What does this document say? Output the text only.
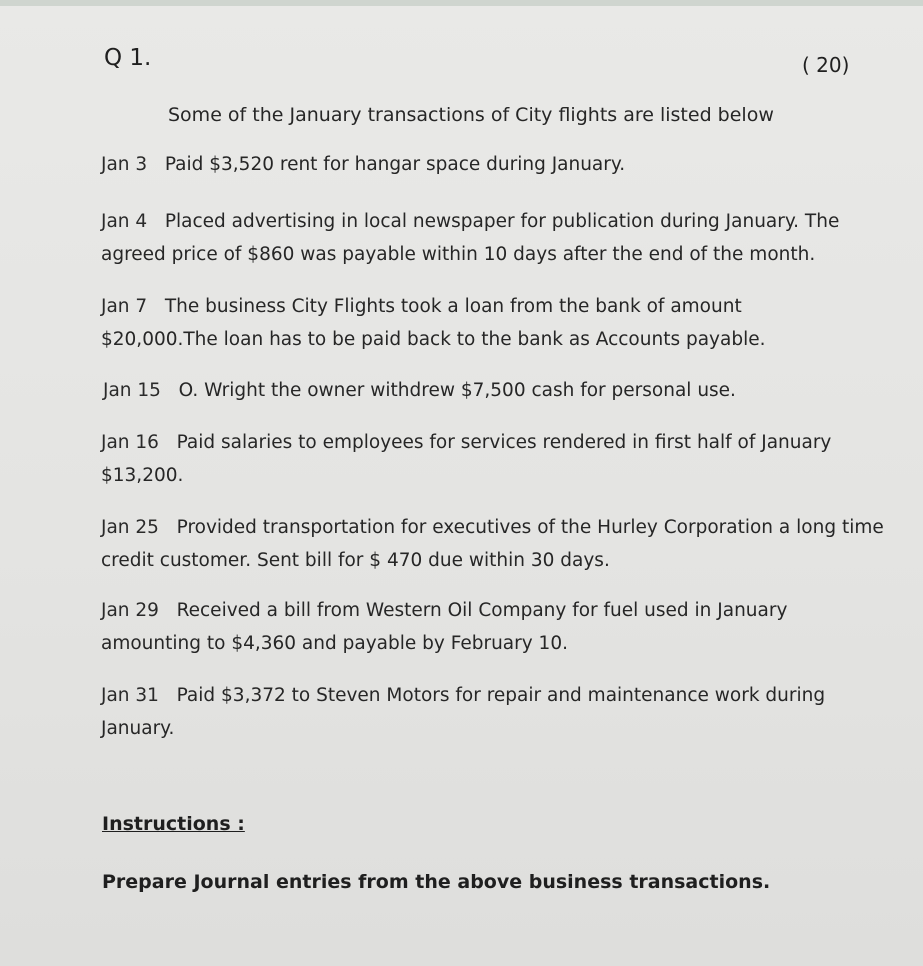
Q 1.	( 20)
Some of the January transactions of City flights are listed below
Jan 3 Paid $3,520 rent for hangar space during January.
Jan 4 Placed advertising in local newspaper for publication during January. The agreed price of $860 was payable within 10 days after the end of the month.
Jan 7 The business City Flights took a loan from the bank of amount $20,000.The loan has to be paid back to the bank as Accounts payable.
Jan 15 O. Wright the owner withdrew $7,500 cash for personal use.
Jan 16 Paid salaries to employees for services rendered in first half of January $13,200.
Jan 25 Provided transportation for executives of the Hurley Corporation a long time credit customer. Sent bill for $ 470 due within 30 days.
Jan 29 Received a bill from Western Oil Company for fuel used in January amounting to $4,360 and payable by February 10.
Jan 31 Paid $3,372 to Steven Motors for repair and maintenance work during January.
Instructions :
Prepare Journal entries from the above business transactions.
